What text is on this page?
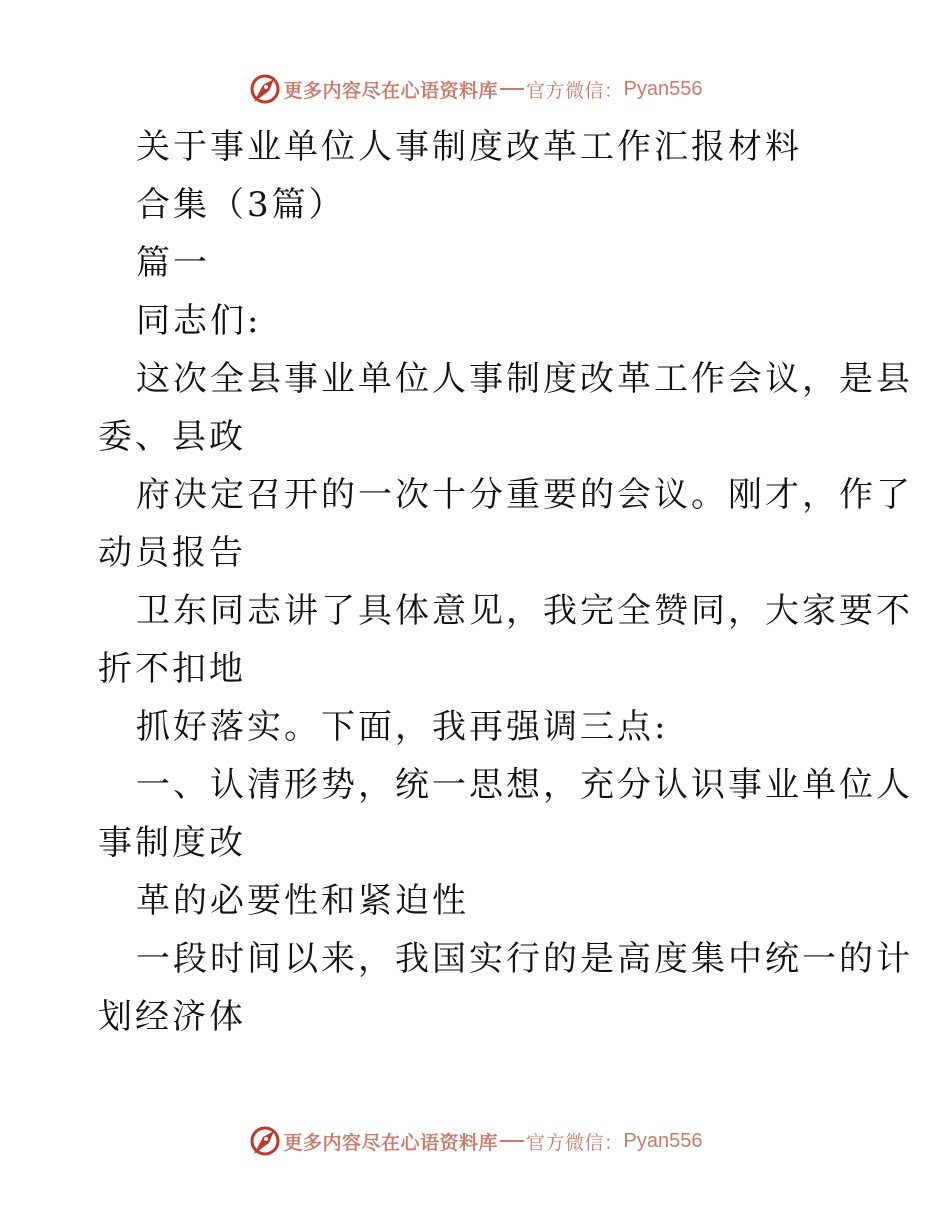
更多内容尽在心语资料库 官方微信： Pyan556
关于事业单位人事制度改革工作汇报材料
合集（3篇）
篇一
同志们:
这次全县事业单位人事制度改革工作会议，是县
委、县政
府决定召开的一次十分重要的会议。刚才，作了
动员报告
卫东同志讲了具体意见，我完全赞同，大家要不
折不扣地
抓好落实。下面，我再强调三点:
一、认清形势，统一思想，充分认识事业单位人
事制度改
革的必要性和紧迫性
一段时间以来，我国实行的是高度集中统一的计
划经济体
更多内容尽在心语资料库 官方微信： Pyan556
